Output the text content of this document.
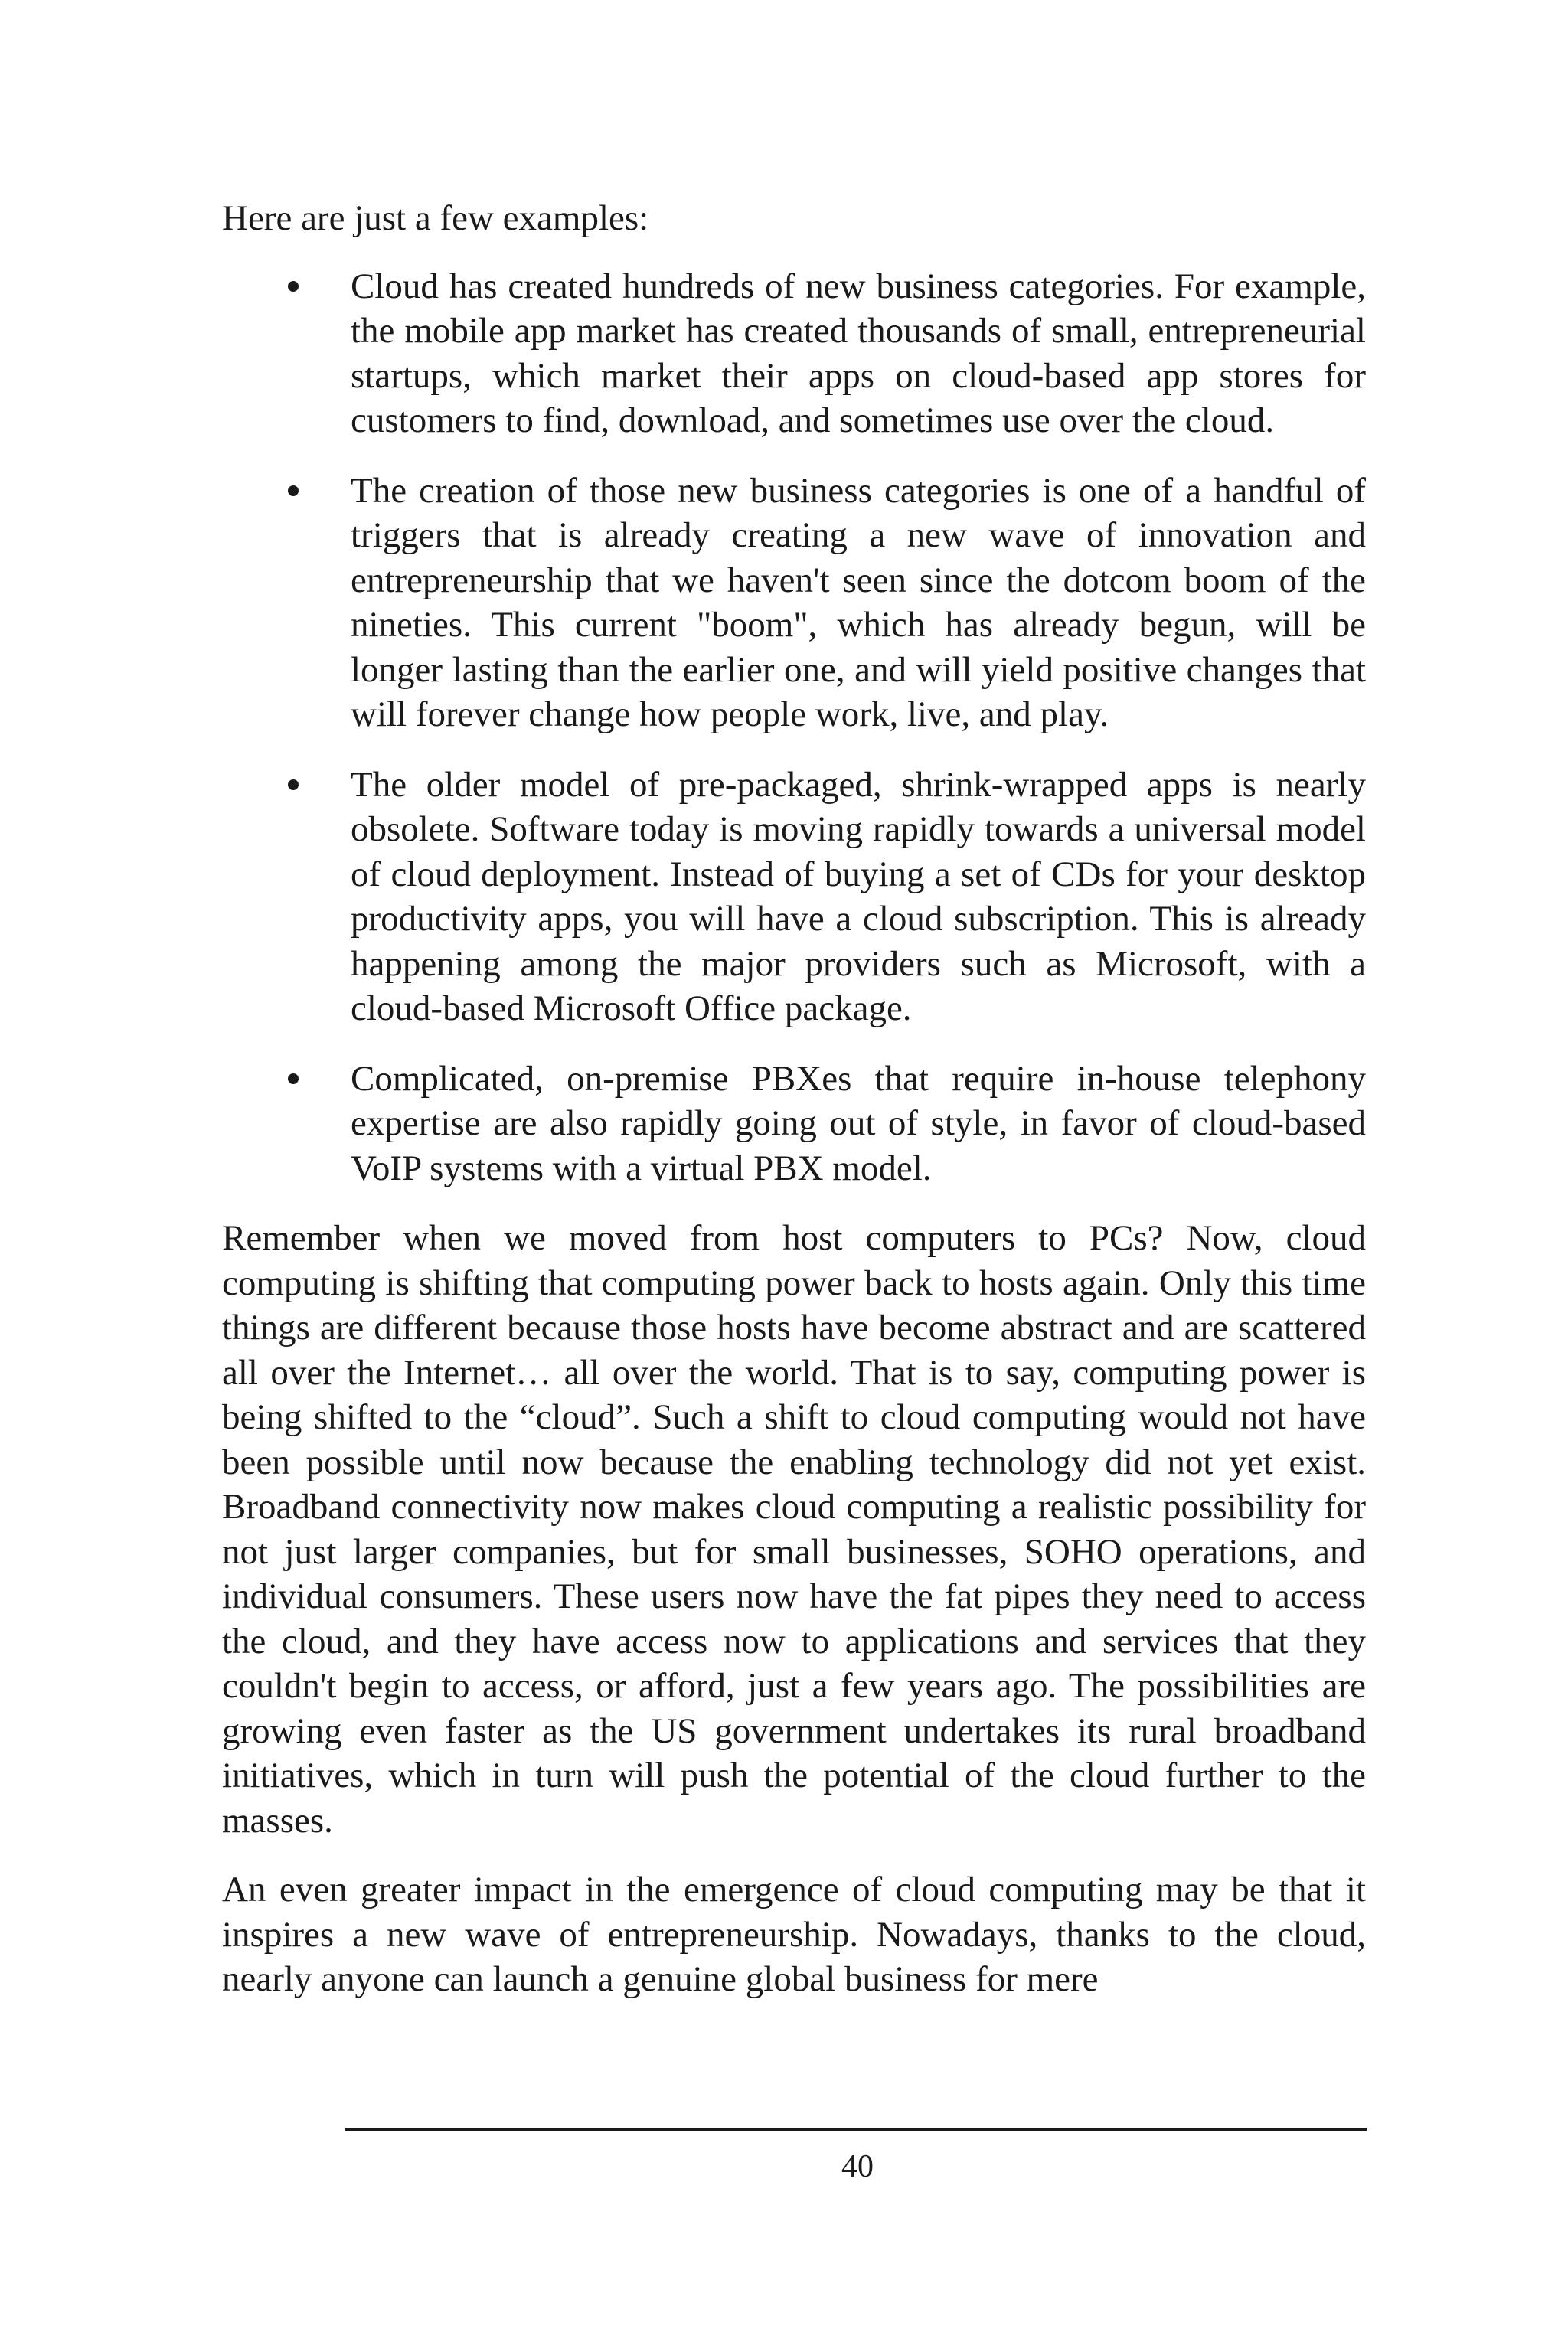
Here are just a few examples:

Cloud has created hundreds of new business categories. For example, the mobile app market has created thousands of small, entrepreneurial startups, which market their apps on cloud-based app stores for customers to find, download, and sometimes use over the cloud.
The creation of those new business categories is one of a handful of triggers that is already creating a new wave of innovation and entrepreneurship that we haven't seen since the dotcom boom of the nineties. This current "boom", which has already begun, will be longer lasting than the earlier one, and will yield positive changes that will forever change how people work, live, and play.
The older model of pre-packaged, shrink-wrapped apps is nearly obsolete. Software today is moving rapidly towards a universal model of cloud deployment. Instead of buying a set of CDs for your desktop productivity apps, you will have a cloud subscription. This is already happening among the major providers such as Microsoft, with a cloud-based Microsoft Office package.
Complicated, on-premise PBXes that require in-house telephony expertise are also rapidly going out of style, in favor of cloud-based VoIP systems with a virtual PBX model.

Remember when we moved from host computers to PCs? Now, cloud computing is shifting that computing power back to hosts again. Only this time things are different because those hosts have become abstract and are scattered all over the Internet… all over the world. That is to say, computing power is being shifted to the “cloud”. Such a shift to cloud computing would not have been possible until now because the enabling technology did not yet exist. Broadband connectivity now makes cloud computing a realistic possibility for not just larger companies, but for small businesses, SOHO operations, and individual consumers. These users now have the fat pipes they need to access the cloud, and they have access now to applications and services that they couldn't begin to access, or afford, just a few years ago. The possibilities are growing even faster as the US government undertakes its rural broadband initiatives, which in turn will push the potential of the cloud further to the masses.

An even greater impact in the emergence of cloud computing may be that it inspires a new wave of entrepreneurship. Nowadays, thanks to the cloud, nearly anyone can launch a genuine global business for mere

40
